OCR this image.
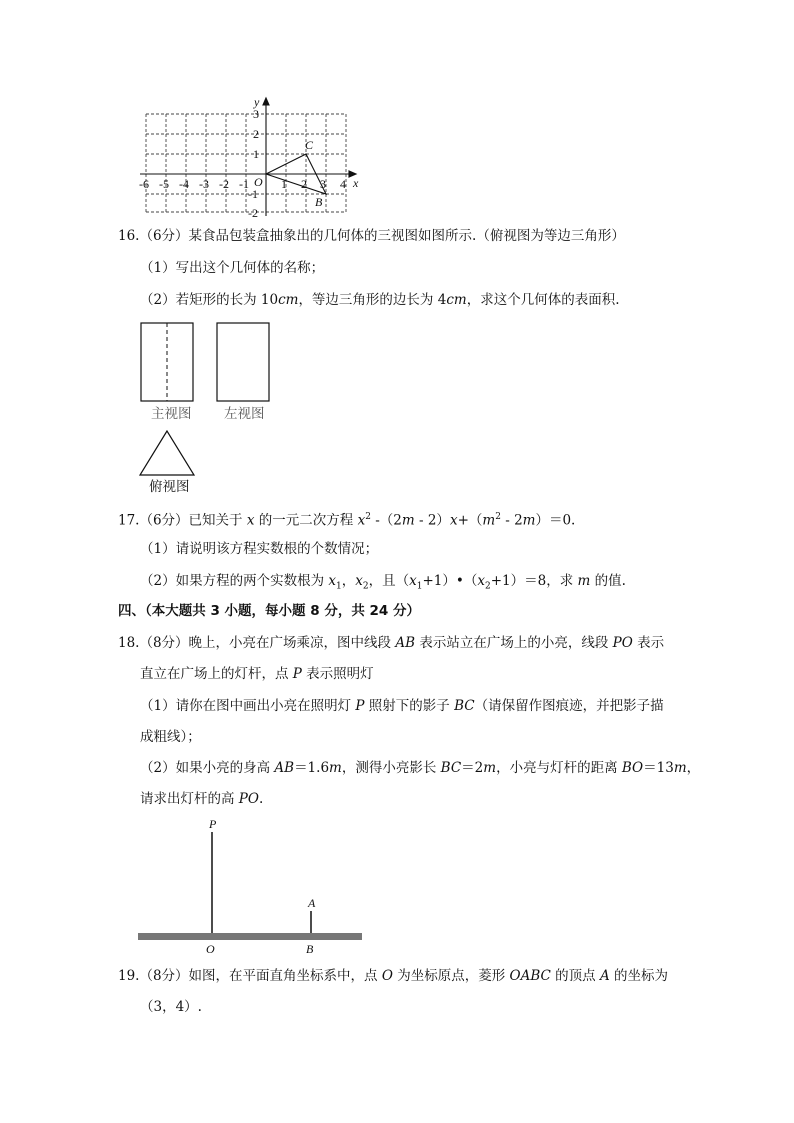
y
x
-6 -5 -4 -3 -2 -1 O 1 2 3 4
3
2
1
-1
-2
C
B
16.（6分）某食品包装盒抽象出的几何体的三视图如图所示.（俯视图为等边三角形）
（1）写出这个几何体的名称；
（2）若矩形的长为 10cm，等边三角形的边长为 4cm，求这个几何体的表面积.
主视图 左视图
俯视图
17.（6分）已知关于 x 的一元二次方程 $x^2$ $-(2m - 2)x+(m^2 - 2m)=0$.
（1）请说明该方程实数根的个数情况；
（2）如果方程的两个实数根为 $x_1$，$x_2$，且$(x_1+1)•(x_2+1)=8$，求 m 的值.
四、（本大题共 3 小题，每小题 8 分，共 24 分）
18.（8分）晚上，小亮在广场乘凉，图中线段 AB 表示站立在广场上的小亮，线段 PO 表示
直立在广场上的灯杆，点 P 表示照明灯
（1）请你在图中画出小亮在照明灯 P 照射下的影子 BC（请保留作图痕迹，并把影子描
成粗线）；
（2）如果小亮的身高 AB＝1.6m，测得小亮影长 BC＝2m，小亮与灯杆的距离 BO＝13m，
请求出灯杆的高 PO.
P
A
O	B
19.（8分）如图，在平面直角坐标系中，点 O 为坐标原点，菱形 OABC 的顶点 A 的坐标为
（3，4）.
